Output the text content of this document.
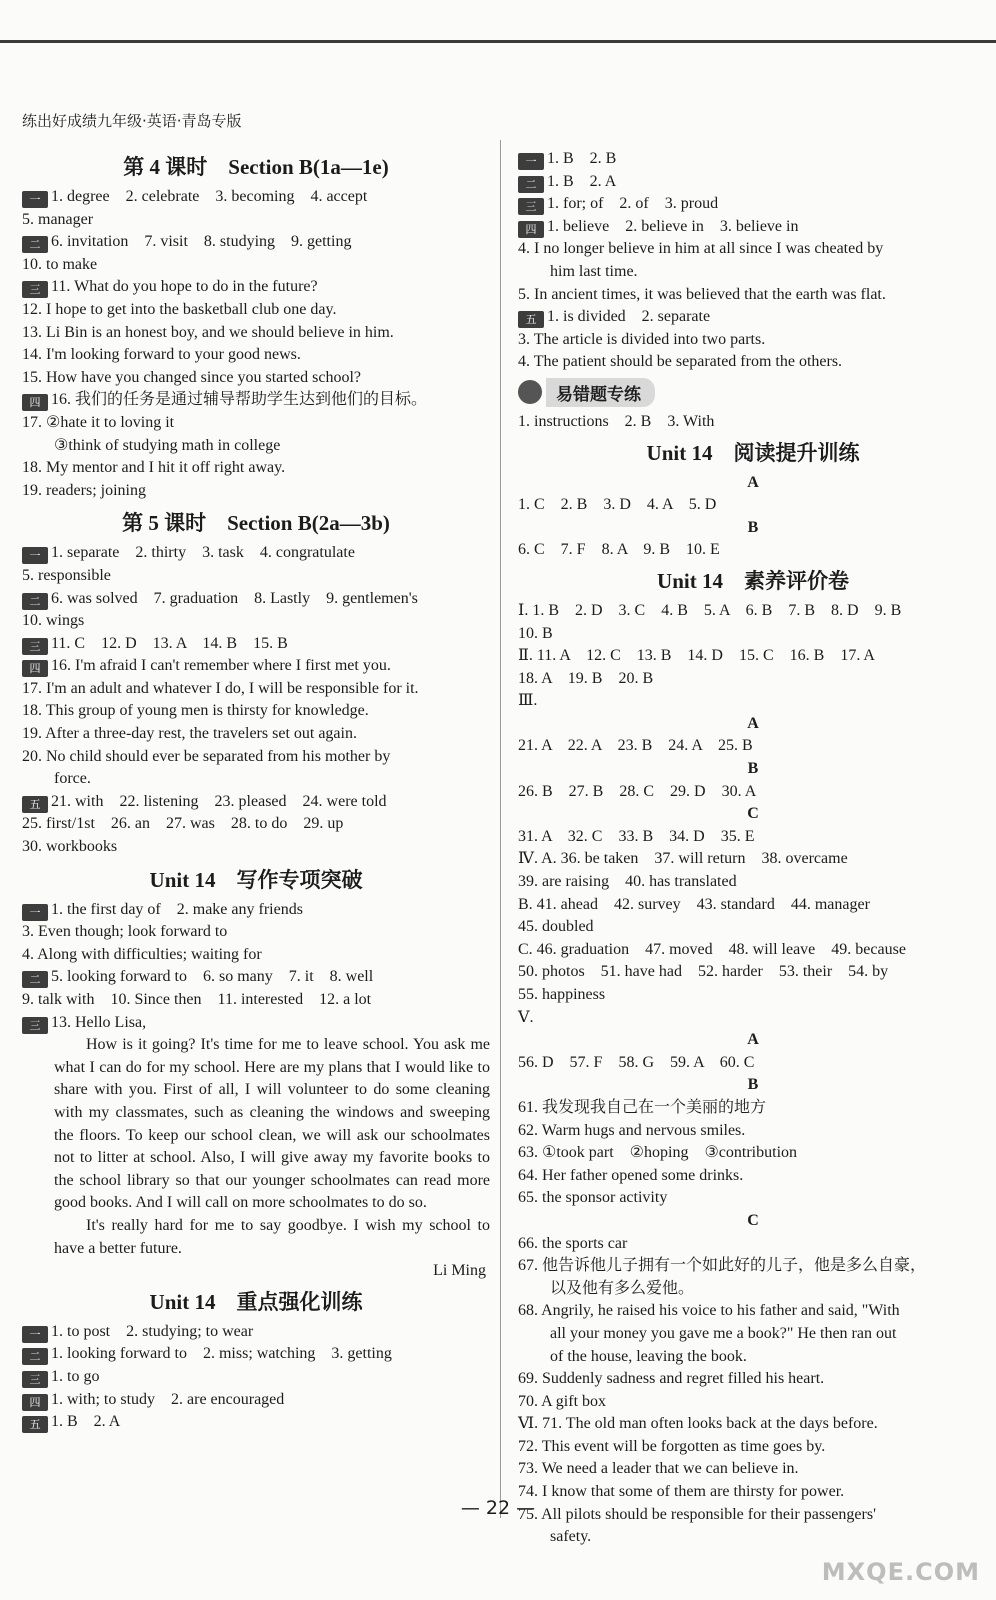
练出好成绩九年级·英语·青岛专版
第 4 课时　Section B(1a—1e)
一 1. degree　2. celebrate　3. becoming　4. accept
5. manager
二 6. invitation　7. visit　8. studying　9. getting
10. to make
三 11. What do you hope to do in the future?
12. I hope to get into the basketball club one day.
13. Li Bin is an honest boy, and we should believe in him.
14. I'm looking forward to your good news.
15. How have you changed since you started school?
四 16. 我们的任务是通过辅导帮助学生达到他们的目标。
17. ②hate it to loving it
③think of studying math in college
18. My mentor and I hit it off right away.
19. readers; joining
第 5 课时　Section B(2a—3b)
一 1. separate　2. thirty　3. task　4. congratulate
5. responsible
二 6. was solved　7. graduation　8. Lastly　9. gentlemen's
10. wings
三 11. C　12. D　13. A　14. B　15. B
四 16. I'm afraid I can't remember where I first met you.
17. I'm an adult and whatever I do, I will be responsible for it.
18. This group of young men is thirsty for knowledge.
19. After a three-day rest, the travelers set out again.
20. No child should ever be separated from his mother by
force.
五 21. with　22. listening　23. pleased　24. were told
25. first/1st　26. an　27. was　28. to do　29. up
30. workbooks
Unit 14　写作专项突破
一 1. the first day of　2. make any friends
3. Even though; look forward to
4. Along with difficulties; waiting for
二 5. looking forward to　6. so many　7. it　8. well
9. talk with　10. Since then　11. interested　12. a lot
三 13. Hello Lisa,
How is it going? It's time for me to leave school. You ask me what I can do for my school. Here are my plans that I would like to share with you. First of all, I will volunteer to do some cleaning with my classmates, such as cleaning the windows and sweeping the floors. To keep our school clean, we will ask our schoolmates not to litter at school. Also, I will give away my favorite books to the school library so that our younger schoolmates can read more good books. And I will call on more schoolmates to do so.
It's really hard for me to say goodbye. I wish my school to have a better future.
Li Ming
Unit 14　重点强化训练
一 1. to post　2. studying; to wear
二 1. looking forward to　2. miss; watching　3. getting
三 1. to go
四 1. with; to study　2. are encouraged
五 1. B　2. A
一 1. B　2. B
二 1. B　2. A
三 1. for; of　2. of　3. proud
四 1. believe　2. believe in　3. believe in
4. I no longer believe in him at all since I was cheated by
him last time.
5. In ancient times, it was believed that the earth was flat.
五 1. is divided　2. separate
3. The article is divided into two parts.
4. The patient should be separated from the others.
易错题专练
1. instructions　2. B　3. With
Unit 14　阅读提升训练
A
1. C　2. B　3. D　4. A　5. D
B
6. C　7. F　8. A　9. B　10. E
Unit 14　素养评价卷
Ⅰ. 1. B　2. D　3. C　4. B　5. A　6. B　7. B　8. D　9. B
10. B
Ⅱ. 11. A　12. C　13. B　14. D　15. C　16. B　17. A
18. A　19. B　20. B
Ⅲ.
A
21. A　22. A　23. B　24. A　25. B
B
26. B　27. B　28. C　29. D　30. A
C
31. A　32. C　33. B　34. D　35. E
Ⅳ. A. 36. be taken　37. will return　38. overcame
39. are raising　40. has translated
B. 41. ahead　42. survey　43. standard　44. manager
45. doubled
C. 46. graduation　47. moved　48. will leave　49. because
50. photos　51. have had　52. harder　53. their　54. by
55. happiness
Ⅴ.
A
56. D　57. F　58. G　59. A　60. C
B
61. 我发现我自己在一个美丽的地方
62. Warm hugs and nervous smiles.
63. ①took part　②hoping　③contribution
64. Her father opened some drinks.
65. the sponsor activity
C
66. the sports car
67. 他告诉他儿子拥有一个如此好的儿子，他是多么自豪，
以及他有多么爱他。
68. Angrily, he raised his voice to his father and said, "With
all your money you gave me a book?" He then ran out
of the house, leaving the book.
69. Suddenly sadness and regret filled his heart.
70. A gift box
Ⅵ. 71. The old man often looks back at the days before.
72. This event will be forgotten as time goes by.
73. We need a leader that we can believe in.
74. I know that some of them are thirsty for power.
75. All pilots should be responsible for their passengers'
safety.
— 22 —
MXQE.COM
